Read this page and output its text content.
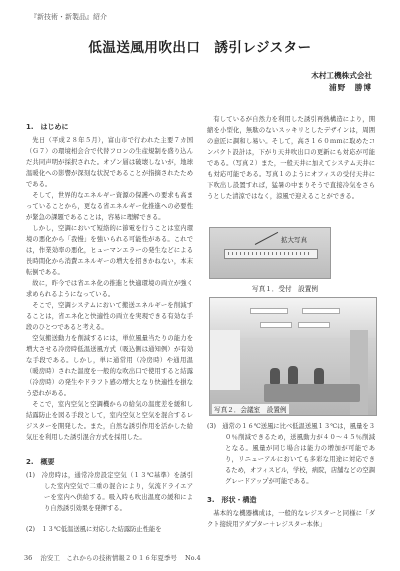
『新技術・新製品』紹介
低温送風用吹出口　誘引レジスター
木村工機株式会社
浦野　勝博
1.　はじめに

先日（平成２８年５月），富山市で行われた主要７カ国（Ｇ７）の環境相会合で代替フロンの生産規制を盛り込んだ共同声明が採択された。オゾン層は破壊しないが，地球温暖化への影響が深刻な状況であることが指摘されたためである。

そして，世界的なエネルギー資源の保護への要求も高まっていることから，更なる省エネルギー化推進への必要性が緊急の課題であることは，容易に理解できる。

しかし，空調において短絡的に節電を行うことは室内環境の悪化から「我慢」を強いられる可能性がある。これでは，作業効率の悪化，ヒューマンエラーの発生などによる長時間化から消費エネルギーの増大を招きかねない，本末転倒である。

故に，昨今では省エネ化の推進と快適環境の両立が強く求められるようになっている。

そこで，空調システムにおいて搬送エネルギーを削減することは，省エネ化と快適性の両立を実現できる有効な手段のひとつであると考える。

空気搬送動力を削減するには，単位風量当たりの能力を増大させる冷房時低温送風方式（吸込側は通知例）が有効な手段である。しかし，単に通常用（冷房時）や通用温（暖房時）された温度を一般的な吹出口で使用すると結露（冷房時）の発生やドラフト感の増大となり快適性を損なう恐れがある。

そこで，室内空気と空調機からの給気の温度差を緩和し結露防止を図る手段として，室内空気と空気を混合するレジスターを開発した。また，自然な誘引作用を活かした給気圧を利用した誘引混合方式を採用した。

2.　概要

(1)　冷房時は，通常冷房設定空気（１３℃基準）を誘引した室内空気で二重の混合により，気流ドライエアーを室内へ供給する。吸入時も吹出温度の緩和により自然誘引効果を発揮する。

(2)　１３℃低温送風に対応した結露防止性能を

有しているが自然力を利用した誘引再熱構造により，開縮を小型化，無駄のないスッキリとしたデザインは，周囲の意匠に調和し易い。そして，高さ１６０ｍｍに取めたコンパクト設計は，下がり天井吹出口の更新にも対応が可能である。（写真２）また，一般天井に加えてシステム天井にも対応可能である。写真１のようにオフィスの受付天井に下吹出し設置すれば，猛暑の中まりそうで直接冷気をさらうとした清涼ではなく，涼風で迎えることができる。

拡大写真
写真１．受付　設置例
写真２．会議室　設置例

(3)　通常の１６℃送風に比べ低温送風１３℃は，風量を３０％削減できるため，送風動力が４０～４５％削減となる。風量が同じ場合は能力の増加が可能であり，リニューアルにおいても多彩な用途に対応できるため，オフィスビル，学校，病院，店舗などの空調グレードアップが可能である。

3.　形状・構造

基本的な機器構成は，一般的なレジスターと同様に「ダクト接続用アダプター＋レジスター本体」

36 治安工　これからの技術情報２０１６年夏季号 No.4
